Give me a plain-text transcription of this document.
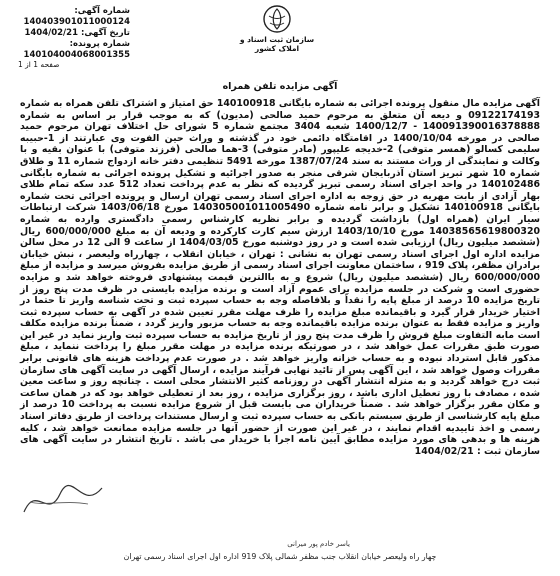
شماره آگهی: 140403901011000124
تاریخ آگهی: 1404/02/21
شماره پرونده: 140104004068001355
سازمان ثبت اسناد و املاک کشور
صفحه 1 از 1
آگهی مزایده تلفن همراه
آگهی مزایده مال منقول پرونده اجرائی به شماره بایگانی 140100918 حق امتیاز و اشتراک تلفن همراه به شماره 09122174193 و دیعه آن متعلق به مرحوم حمید صالحی (مدیون) که به موجب قرار بر اساس به شماره 140091390016378888 - 1400/12/7 شعبه 3404 مجتمع شماره 5 شورای حل اختلاف تهران مرحوم حمید صالحی در مورخه 1400/10/04 در اقامتگاه دائمی خود در گذشته و وراث حین الفوت وی عبارتند از 1-حبیبه سلیمی کسالو (همسر متوفی) 2-خدیجه علیپور (مادر متوفی) 3-هما صالحی (فرزند متوفی) با عنوان بقیه و با وکالت و نمایندگی از وراث مستند به سند 1387/07/24 مورخه 5491 تنظیمی دفتر خانه ازدواج شماره 11 و طلاق شماره 10 شهر تبریز استان آذربایجان شرقی منجر به صدور اجرائیه و تشکیل پرونده اجرائی به شماره بایگانی 140102486 در واحد اجرای اسناد رسمی تبریز گردیده که نظر به عدم پرداخت تعداد 512 عدد سکه تمام طلای بهار آزادی از بابت مهریه در حق زوجه به اداره اجرای اسناد رسمی تهران ارسال و پرونده اجرائی تحت شماره بایگانی 140100918 تشکیل و برابر نامه شماره 140305001011005490 مورخ 1403/06/18 شرکت ارتباطات سیار ایران (همراه اول) بازداشت گردیده و برابر نظریه کارشناس رسمی دادگستری وارده به شماره 14038565619800320 مورخ 1403/10/10 ارزش سیم کارت کارکرده و ودیعه آن به مبلغ 600/000/000 ریال (ششصد میلیون ریال) ارزیابی شده است و در روز دوشنبه مورخ 1404/03/05 از ساعت 9 الی 12 در محل سالن مزایده اداره اول اجرای اسناد رسمی تهران به نشانی : تهران ، خیابان انقلاب ، چهارراه ولیعصر ، نبش خیابان برادران مظفر، پلاک 919 ، ساختمان معاونت اجرای اسناد رسمی از طریق مزایده بفروش میرسد و مزایده از مبلغ 600/000/000 ریال (ششصد میلیون ریال) شروع و به باالترین قیمت پیشنهادی فروخته خواهد شد و مزایده حضوری است و شرکت در جلسه مزایده برای عموم آزاد است و برنده مزایده بایستی در ظرف مدت پنج روز از تاریخ مزایده 10 درصد از مبلغ پایه را نقداً و بلافاصله وجه به حساب سپرده ثبت و تحت شناسه واریز تا حتما در اختیار خریدار قرار گیرد و باقیمانده مبلغ مزایده را ظرف مهلت مقرر تعیین شده در آگهی به حساب سپرده ثبت واریز و مزایده فقط به عنوان برنده مزایده باقیمانده وجه به حساب مزبور واریز گردد ، ضمناً برنده مزایده مکلف است مابه التفاوت مبلغ فروش را ظرف مدت پنج روز از تاریخ مزایده به حساب سپرده ثبت واریز نماید در غیر این صورت طبق مقررات عمل خواهد شد ، در صورتیکه برنده مزایده در مهلت مقرر مبلغ را پرداخت ننماید ، مبلغ مذکور قابل استرداد نبوده و به حساب خزانه واریز خواهد شد . در صورت عدم پرداخت هزینه های قانونی برابر مقررات وصول خواهد شد ، این آگهی پس از تائید نهایی فرآیند مزایده ، ارسال آگهی در سایت آگهی های سازمان ثبت درج خواهد گردید و به منزله انتشار آگهی در روزنامه کثیر الانتشار محلی است . چنانچه روز و ساعت معین شده ، مصادف با روز تعطیل اداری باشد ، روز برگزاری مزایده ، روز بعد از تعطیلی خواهد بود که در همان ساعت و مکان مقرر برگزار خواهد شد . ضمناً خریداران می بایست قبل از شروع مزایده نسبت به پرداخت 10 درصد از مبلغ پایه کارشناسی از طریق سیستم بانکی به حساب سپرده ثبت و ارسال مستندات پرداخت از طریق دفاتر اسناد رسمی و اخذ تاییدیه اقدام نمایند ، در غیر این صورت از حضور آنها در جلسه مزایده ممانعت خواهد شد ، کلیه هزینه ها و بدهی های مورد مزایده مطابق آیین نامه اجرا با خریدار می باشد . تاریخ انتشار در سایت آگهی های سازمان ثبت : 1404/02/21
یاسر خادم پور میرانی
چهار راه ولیعصر خیابان انقلاب جنب مظفر شمالی پلاک 919 اداره اول اجرای اسناد رسمی تهران
